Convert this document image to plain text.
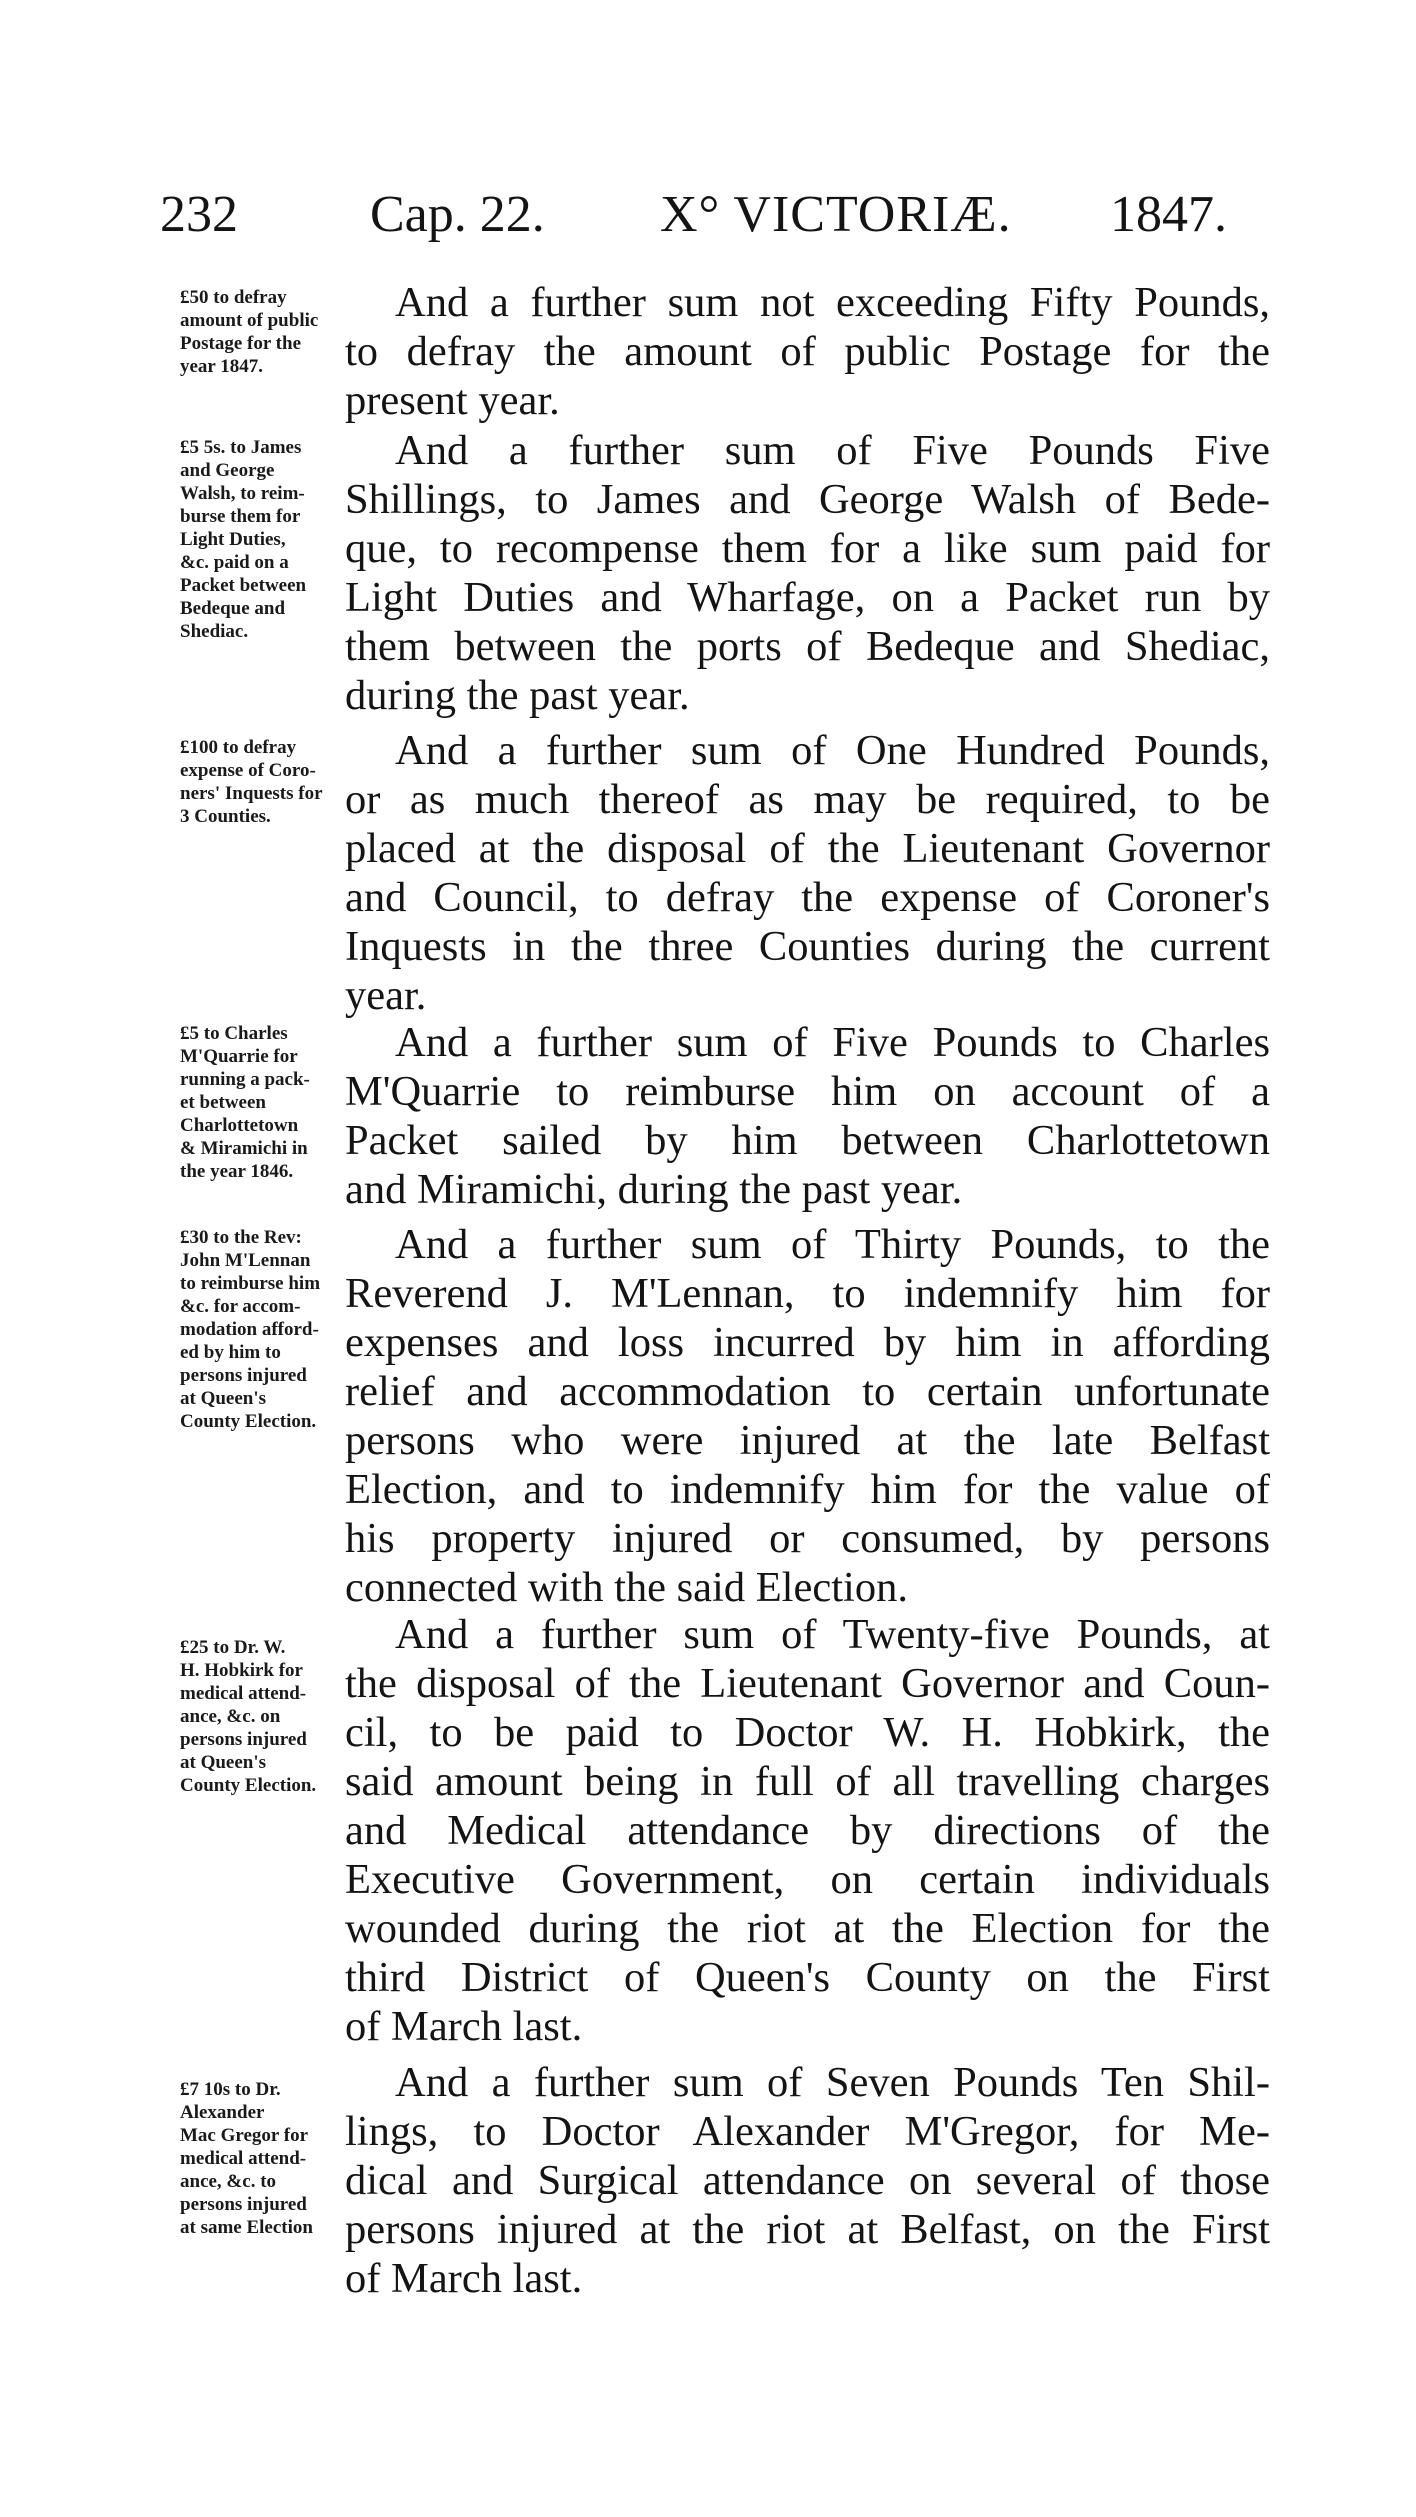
232	Cap. 22. X° VICTORIÆ. 1847.
£50 to defray
amount of public
Postage for the
year 1847.
And a further sum not exceeding Fifty Pounds,
to defray the amount of public Postage for the
present year.
£5 5s. to James
and George
Walsh, to reim-
burse them for
Light Duties,
&c. paid on a
Packet between
Bedeque and
Shediac.
And a further sum of Five Pounds Five
Shillings, to James and George Walsh of Bede-
que, to recompense them for a like sum paid for
Light Duties and Wharfage, on a Packet run by
them between the ports of Bedeque and Shediac,
during the past year.
£100 to defray
expense of Coro-
ners' Inquests for
3 Counties.
And a further sum of One Hundred Pounds,
or as much thereof as may be required, to be
placed at the disposal of the Lieutenant Governor
and Council, to defray the expense of Coroner's
Inquests in the three Counties during the current
year.
£5 to Charles
M'Quarrie for
running a pack-
et between
Charlottetown
& Miramichi in
the year 1846.
And a further sum of Five Pounds to Charles
M'Quarrie to reimburse him on account of a
Packet sailed by him between Charlottetown
and Miramichi, during the past year.
£30 to the Rev:
John M'Lennan
to reimburse him
&c. for accom-
modation afford-
ed by him to
persons injured
at Queen's
County Election.
And a further sum of Thirty Pounds, to the
Reverend J. M'Lennan, to indemnify him for
expenses and loss incurred by him in affording
relief and accommodation to certain unfortunate
persons who were injured at the late Belfast
Election, and to indemnify him for the value of
his property injured or consumed, by persons
connected with the said Election.
£25 to Dr. W.
H. Hobkirk for
medical attend-
ance, &c. on
persons injured
at Queen's
County Election.
And a further sum of Twenty-five Pounds, at
the disposal of the Lieutenant Governor and Coun-
cil, to be paid to Doctor W. H. Hobkirk, the
said amount being in full of all travelling charges
and Medical attendance by directions of the
Executive Government, on certain individuals
wounded during the riot at the Election for the
third District of Queen's County on the First
of March last.
£7 10s to Dr.
Alexander
Mac Gregor for
medical attend-
ance, &c. to
persons injured
at same Election
And a further sum of Seven Pounds Ten Shil-
lings, to Doctor Alexander M'Gregor, for Me-
dical and Surgical attendance on several of those
persons injured at the riot at Belfast, on the First
of March last.
